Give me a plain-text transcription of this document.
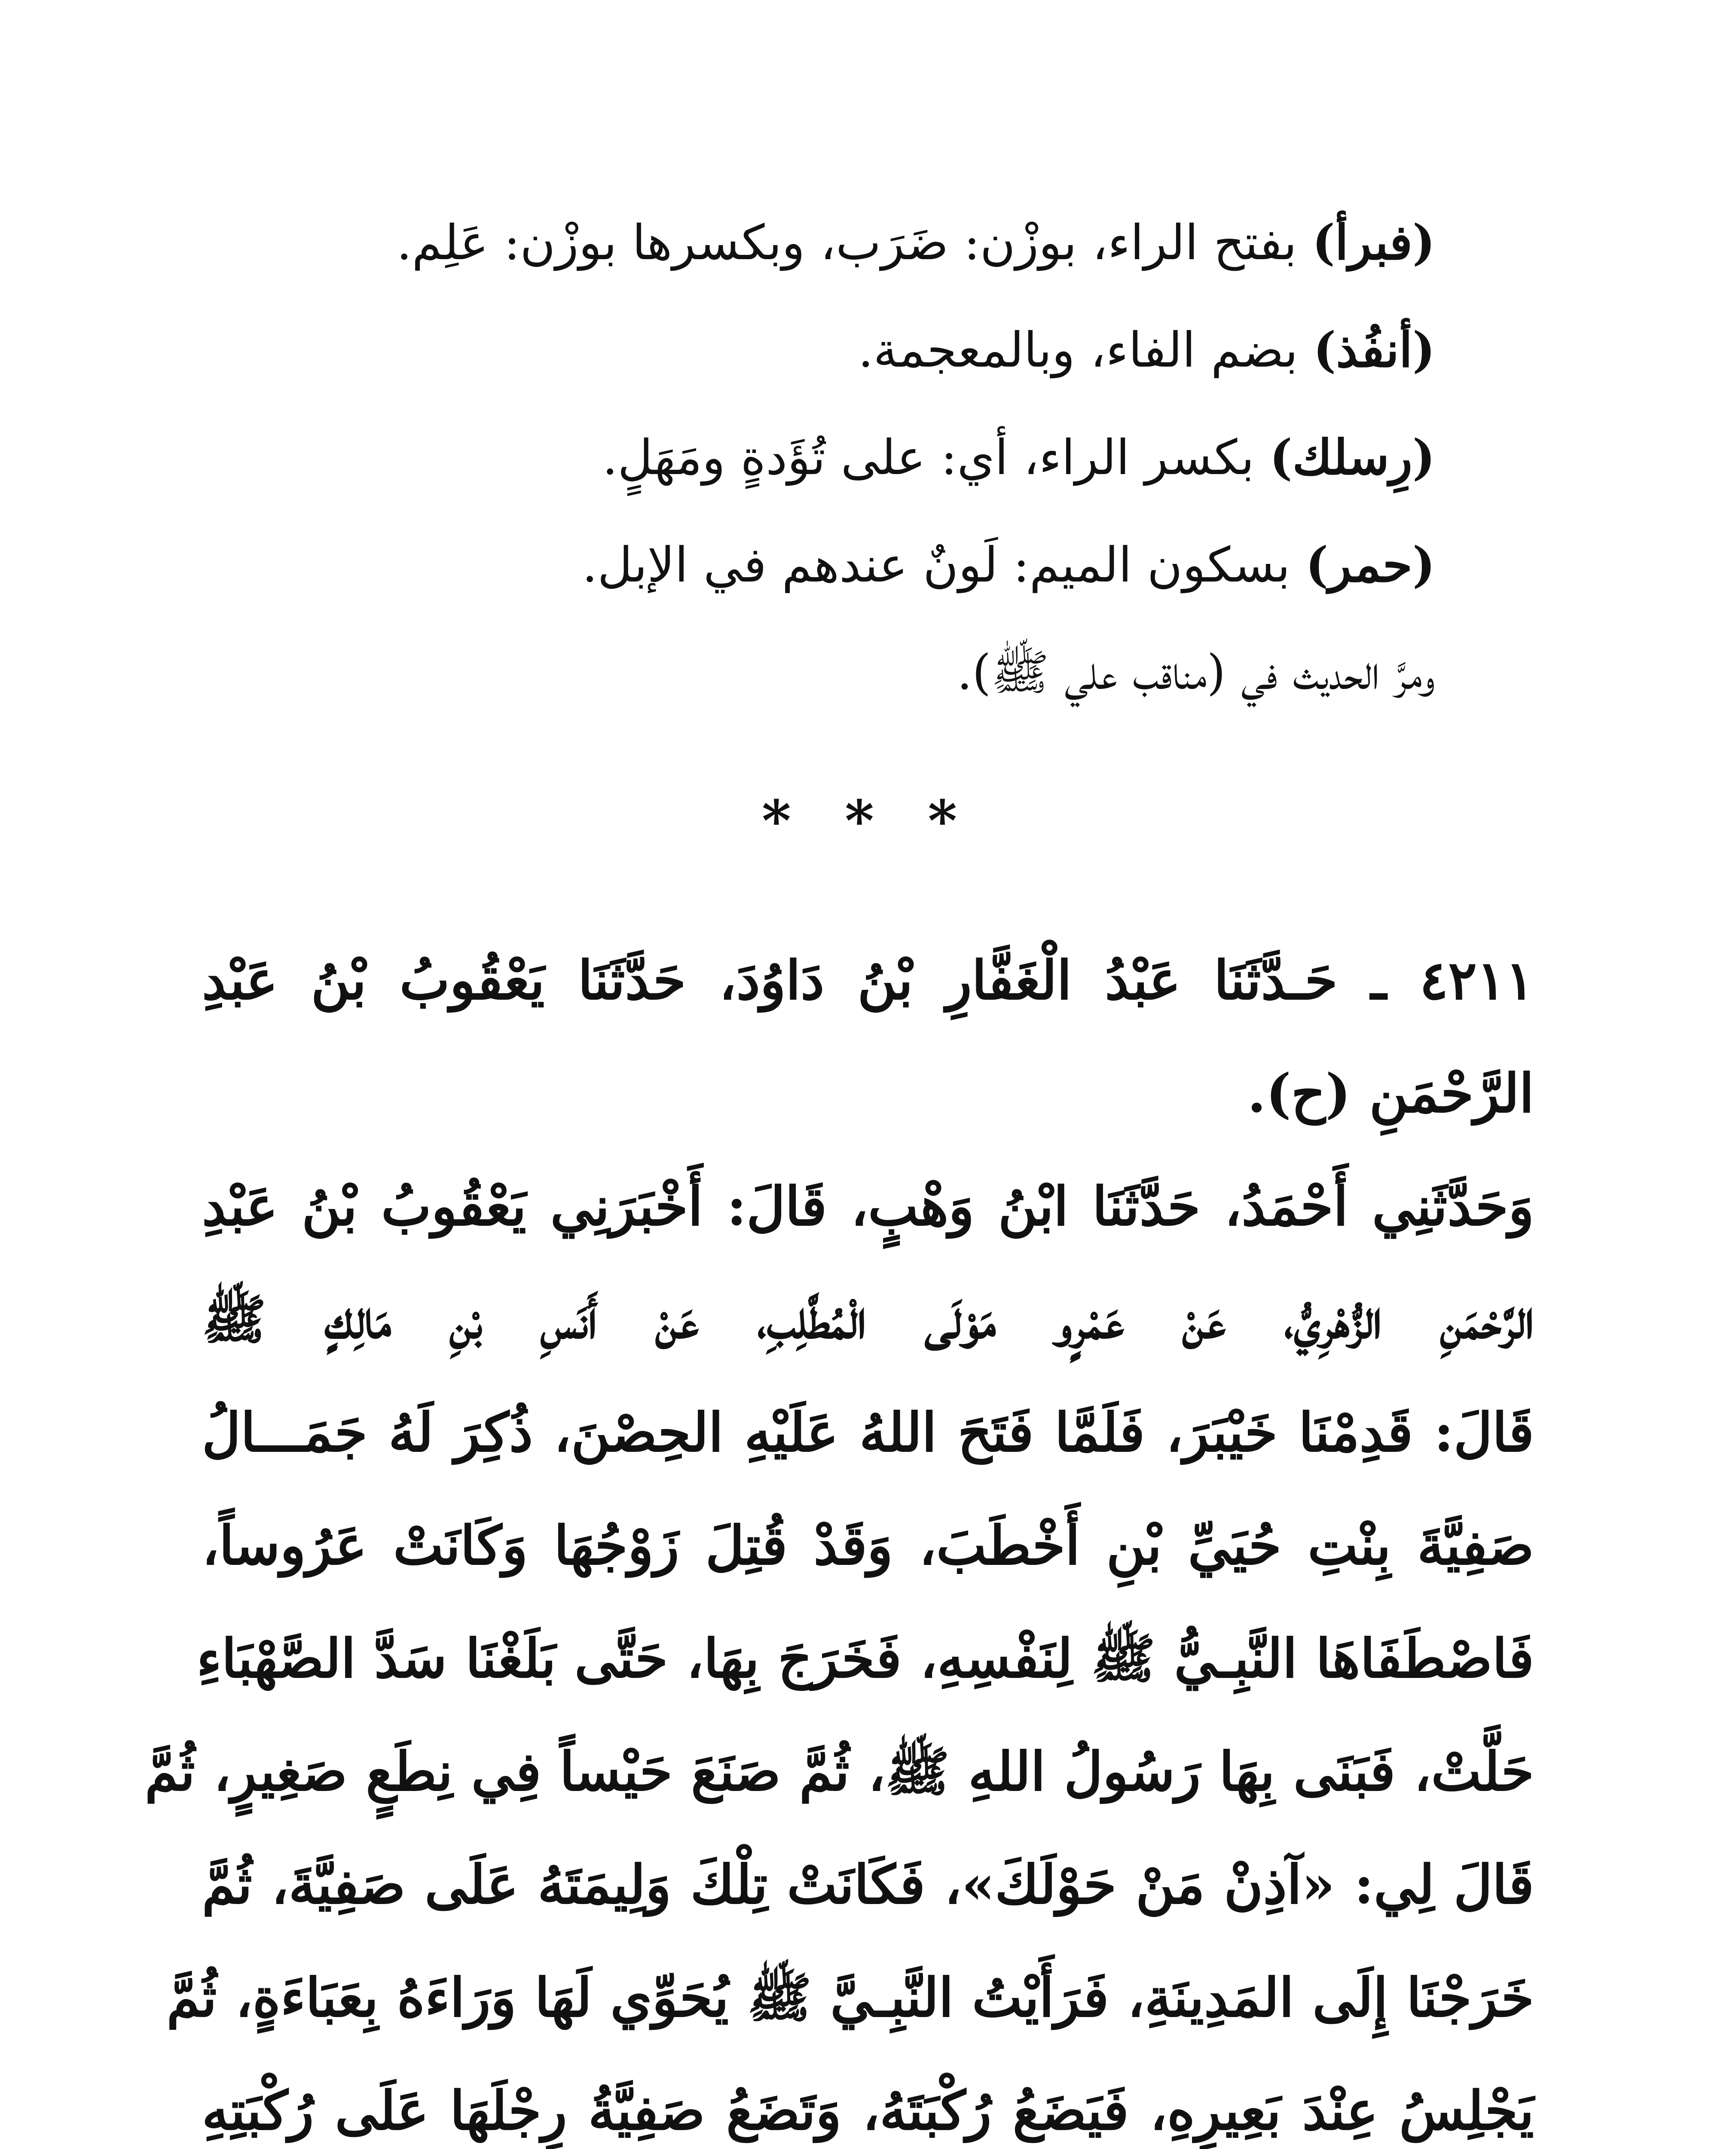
(فبرأ) بفتح الراء، بوزْن: ضَرَب، وبكسرها بوزْن: عَلِم.
(أنفُذ) بضم الفاء، وبالمعجمة.
(رِسلك) بكسر الراء، أي: على تُؤَدةٍ ومَهَلٍ.
(حمر) بسكون الميم: لَونٌ عندهم في الإبل.
ومرَّ الحديث في (مناقب علي ﷺ).
* * *
٤٢١١ ـ حَـدَّثَنَا عَبْدُ الْغَفَّارِ بْنُ دَاوُدَ، حَدَّثَنَا يَعْقُوبُ بْنُ عَبْدِ
الرَّحْمَنِ (ح).
وَحَدَّثَنِي أَحْمَدُ، حَدَّثَنَا ابْنُ وَهْبٍ، قَالَ: أَخْبَرَنِي يَعْقُوبُ بْنُ عَبْدِ
الرَّحْمَنِ الزُّهْرِيُّ، عَنْ عَمْرٍو مَوْلَى الْمُطَّلِبِ، عَنْ أَنَسِ بْنِ مَالِكٍ ﷺ
قَالَ: قَدِمْنَا خَيْبَرَ، فَلَمَّا فَتَحَ اللهُ عَلَيْهِ الحِصْنَ، ذُكِرَ لَهُ جَمَـــالُ
صَفِيَّةَ بِنْتِ حُيَيِّ بْنِ أَخْطَبَ، وَقَدْ قُتِلَ زَوْجُهَا وَكَانَتْ عَرُوساً،
فَاصْطَفَاهَا النَّبِـيُّ ﷺ لِنَفْسِهِ، فَخَرَجَ بِهَا، حَتَّى بَلَغْنَا سَدَّ الصَّهْبَاءِ
حَلَّتْ، فَبَنَى بِهَا رَسُولُ اللهِ ﷺ، ثُمَّ صَنَعَ حَيْساً فِي نِطَعٍ صَغِيرٍ، ثُمَّ
قَالَ لِي: «آذِنْ مَنْ حَوْلَكَ»، فَكَانَتْ تِلْكَ وَلِيمَتَهُ عَلَى صَفِيَّةَ، ثُمَّ
خَرَجْنَا إِلَى المَدِينَةِ، فَرَأَيْتُ النَّبِـيَّ ﷺ يُحَوِّي لَهَا وَرَاءَهُ بِعَبَاءَةٍ، ثُمَّ
يَجْلِسُ عِنْدَ بَعِيرِهِ، فَيَضَعُ رُكْبَتَهُ، وَتَضَعُ صَفِيَّةُ رِجْلَهَا عَلَى رُكْبَتِهِ
